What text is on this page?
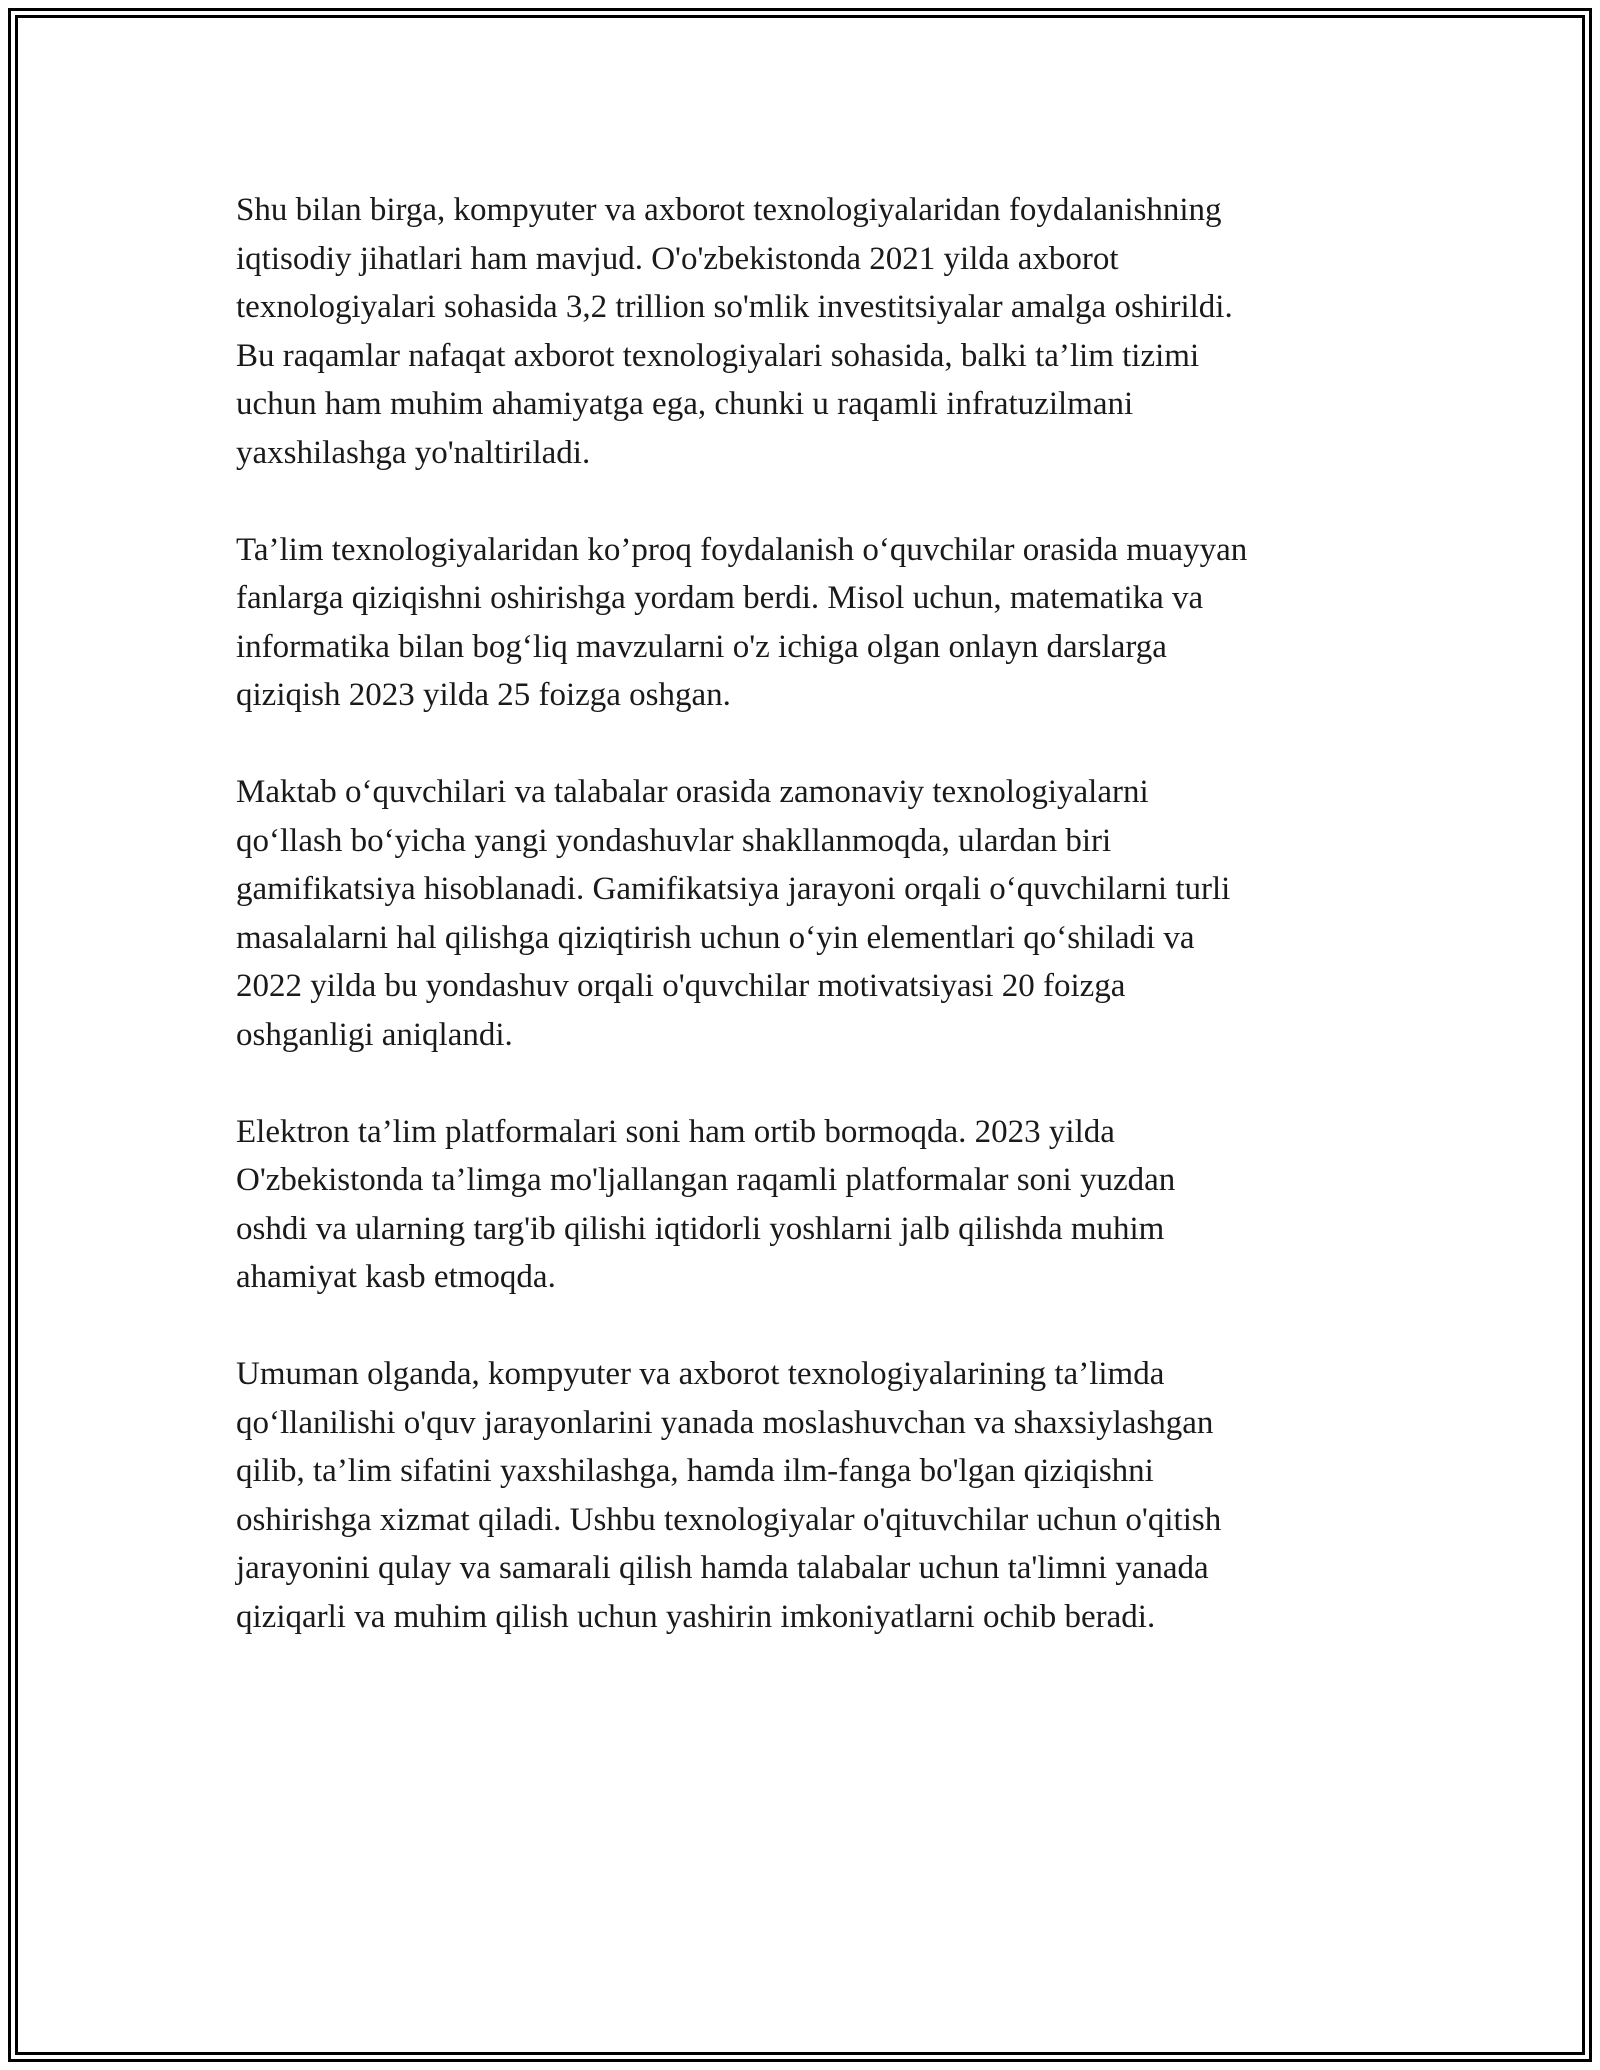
Shu bilan birga, kompyuter va axborot texnologiyalaridan foydalanishning
iqtisodiy jihatlari ham mavjud. O'o'zbekistonda 2021 yilda axborot
texnologiyalari sohasida 3,2 trillion so'mlik investitsiyalar amalga oshirildi.
Bu raqamlar nafaqat axborot texnologiyalari sohasida, balki ta’lim tizimi
uchun ham muhim ahamiyatga ega, chunki u raqamli infratuzilmani
yaxshilashga yo'naltiriladi.

Ta’lim texnologiyalaridan ko’proq foydalanish o‘quvchilar orasida muayyan
fanlarga qiziqishni oshirishga yordam berdi. Misol uchun, matematika va
informatika bilan bog‘liq mavzularni o'z ichiga olgan onlayn darslarga
qiziqish 2023 yilda 25 foizga oshgan.

Maktab o‘quvchilari va talabalar orasida zamonaviy texnologiyalarni
qo‘llash bo‘yicha yangi yondashuvlar shakllanmoqda, ulardan biri
gamifikatsiya hisoblanadi. Gamifikatsiya jarayoni orqali o‘quvchilarni turli
masalalarni hal qilishga qiziqtirish uchun o‘yin elementlari qo‘shiladi va
2022 yilda bu yondashuv orqali o'quvchilar motivatsiyasi 20 foizga
oshganligi aniqlandi.

Elektron ta’lim platformalari soni ham ortib bormoqda. 2023 yilda
O'zbekistonda ta’limga mo'ljallangan raqamli platformalar soni yuzdan
oshdi va ularning targ'ib qilishi iqtidorli yoshlarni jalb qilishda muhim
ahamiyat kasb etmoqda.

Umuman olganda, kompyuter va axborot texnologiyalarining ta’limda
qo‘llanilishi o'quv jarayonlarini yanada moslashuvchan va shaxsiylashgan
qilib, ta’lim sifatini yaxshilashga, hamda ilm-fanga bo'lgan qiziqishni
oshirishga xizmat qiladi. Ushbu texnologiyalar o'qituvchilar uchun o'qitish
jarayonini qulay va samarali qilish hamda talabalar uchun ta'limni yanada
qiziqarli va muhim qilish uchun yashirin imkoniyatlarni ochib beradi.
